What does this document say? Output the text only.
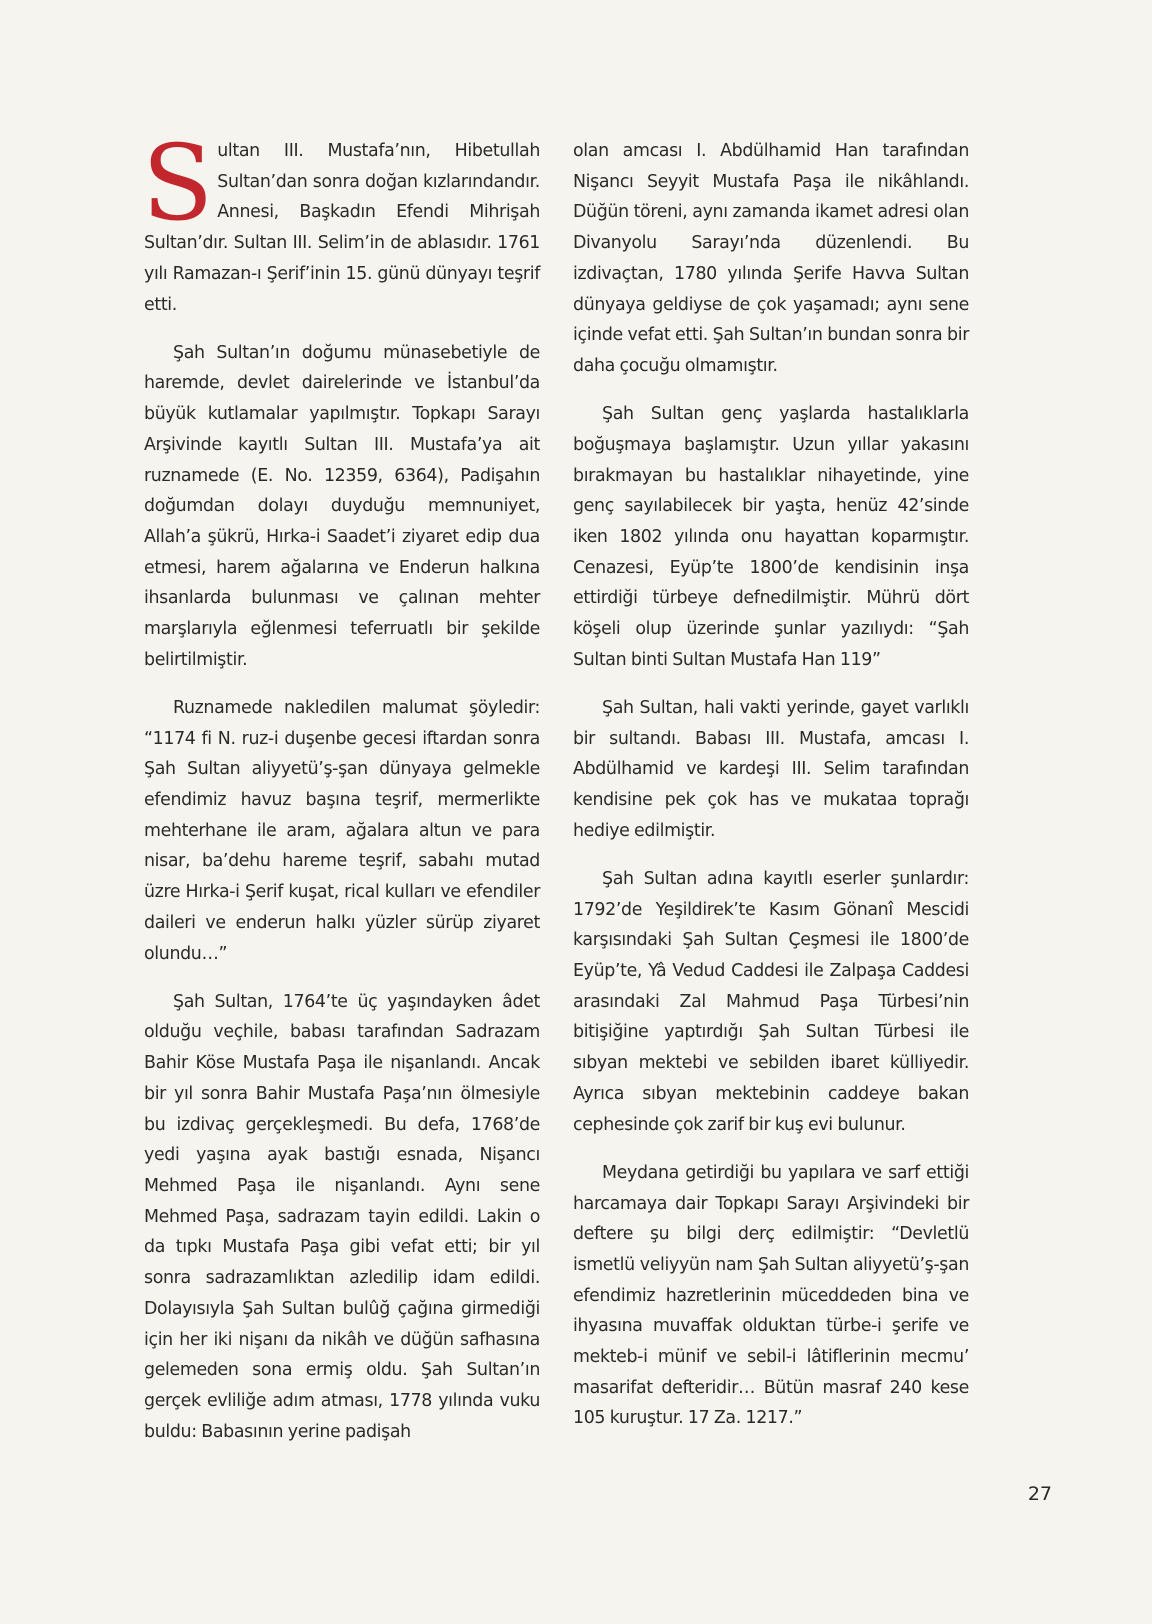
Sultan III. Mustafa’nın, Hibetullah Sultan’dan sonra doğan kızlarındandır. Annesi, Başkadın Efendi Mihrişah Sultan’dır. Sultan III. Selim’in de ablasıdır. 1761 yılı Ramazan-ı Şerif’inin 15. günü dünyayı teşrif etti.

Şah Sultan’ın doğumu münasebetiyle de haremde, devlet dairelerinde ve İstanbul’da büyük kutlamalar yapılmıştır. Topkapı Sarayı Arşivinde kayıtlı Sultan III. Mustafa’ya ait ruznamede (E. No. 12359, 6364), Padişahın doğumdan dolayı duyduğu memnuniyet, Allah’a şükrü, Hırka-i Saadet’i ziyaret edip dua etmesi, harem ağalarına ve Enderun halkına ihsanlarda bulunması ve çalınan mehter marşlarıyla eğlenmesi teferruatlı bir şekilde belirtilmiştir.

Ruznamede nakledilen malumat şöyledir: “1174 fi N. ruz-i duşenbe gecesi iftardan sonra Şah Sultan aliyyetü’ş-şan dünyaya gelmekle efendimiz havuz başına teşrif, mermerlikte mehterhane ile aram, ağalara altun ve para nisar, ba’dehu hareme teşrif, sabahı mutad üzre Hırka-i Şerif kuşat, rical kulları ve efendiler daileri ve enderun halkı yüzler sürüp ziyaret olundu…”

Şah Sultan, 1764’te üç yaşındayken âdet olduğu veçhile, babası tarafından Sadrazam Bahir Köse Mustafa Paşa ile nişanlandı. Ancak bir yıl sonra Bahir Mustafa Paşa’nın ölmesiyle bu izdivaç gerçekleşmedi. Bu defa, 1768’de yedi yaşına ayak bastığı esnada, Nişancı Mehmed Paşa ile nişanlandı. Aynı sene Mehmed Paşa, sadrazam tayin edildi. Lakin o da tıpkı Mustafa Paşa gibi vefat etti; bir yıl sonra sadrazamlıktan azledilip idam edildi. Dolayısıyla Şah Sultan bulûğ çağına girmediği için her iki nişanı da nikâh ve düğün safhasına gelemeden sona ermiş oldu. Şah Sultan’ın gerçek evliliğe adım atması, 1778 yılında vuku buldu: Babasının yerine padişah

olan amcası I. Abdülhamid Han tarafından Nişancı Seyyit Mustafa Paşa ile nikâhlandı. Düğün töreni, aynı zamanda ikamet adresi olan Divanyolu Sarayı’nda düzenlendi. Bu izdivaçtan, 1780 yılında Şerife Havva Sultan dünyaya geldiyse de çok yaşamadı; aynı sene içinde vefat etti. Şah Sultan’ın bundan sonra bir daha çocuğu olmamıştır.

Şah Sultan genç yaşlarda hastalıklarla boğuşmaya başlamıştır. Uzun yıllar yakasını bırakmayan bu hastalıklar nihayetinde, yine genç sayılabilecek bir yaşta, henüz 42’sinde iken 1802 yılında onu hayattan koparmıştır. Cenazesi, Eyüp’te 1800’de kendisinin inşa ettirdiği türbeye defnedilmiştir. Mührü dört köşeli olup üzerinde şunlar yazılıydı: “Şah Sultan binti Sultan Mustafa Han 119”

Şah Sultan, hali vakti yerinde, gayet varlıklı bir sultandı. Babası III. Mustafa, amcası I. Abdülhamid ve kardeşi III. Selim tarafından kendisine pek çok has ve mukataa toprağı hediye edilmiştir.

Şah Sultan adına kayıtlı eserler şunlardır: 1792’de Yeşildirek’te Kasım Gönanî Mescidi karşısındaki Şah Sultan Çeşmesi ile 1800’de Eyüp’te, Yâ Vedud Caddesi ile Zalpaşa Caddesi arasındaki Zal Mahmud Paşa Türbesi’nin bitişiğine yaptırdığı Şah Sultan Türbesi ile sıbyan mektebi ve sebilden ibaret külliyedir. Ayrıca sıbyan mektebinin caddeye bakan cephesinde çok zarif bir kuş evi bulunur.

Meydana getirdiği bu yapılara ve sarf ettiği harcamaya dair Topkapı Sarayı Arşivindeki bir deftere şu bilgi derç edilmiştir: “Devletlü ismetlü veliyyün nam Şah Sultan aliyyetü’ş-şan efendimiz hazretlerinin müceddeden bina ve ihyasına muvaffak olduktan türbe-i şerife ve mekteb-i münif ve sebil-i lâtiflerinin mecmu’ masarifat defteridir… Bütün masraf 240 kese 105 kuruştur. 17 Za. 1217.”

27
